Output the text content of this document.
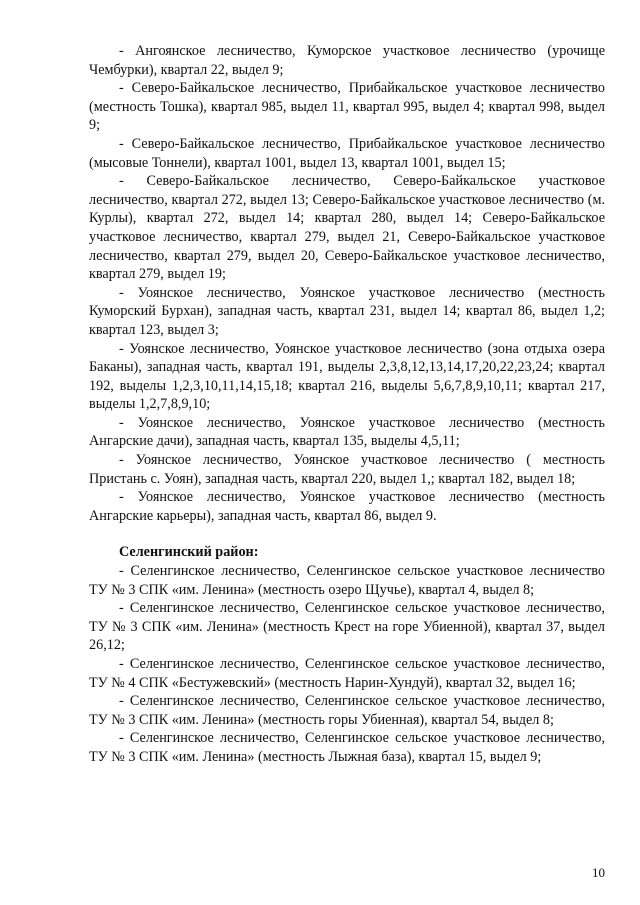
- Ангоянское лесничество, Куморское участковое лесничество (урочище Чембурки), квартал 22, выдел 9;

- Северо-Байкальское лесничество, Прибайкальское участковое лесничество (местность Тошка), квартал 985, выдел 11, квартал 995, выдел 4; квартал 998, выдел 9;

- Северо-Байкальское лесничество, Прибайкальское участковое лесничество (мысовые Тоннели), квартал 1001, выдел 13, квартал 1001, выдел 15;

- Северо-Байкальское лесничество, Северо-Байкальское участковое лесничество, квартал 272, выдел 13; Северо-Байкальское участковое лесничество (м. Курлы), квартал 272, выдел 14; квартал 280, выдел 14; Северо-Байкальское участковое лесничество, квартал 279, выдел 21, Северо-Байкальское участковое лесничество, квартал 279, выдел 20, Северо-Байкальское участковое лесничество, квартал 279, выдел 19;

- Уоянское лесничество, Уоянское участковое лесничество (местность Куморский Бурхан), западная часть, квартал 231, выдел 14; квартал 86, выдел 1,2; квартал 123, выдел 3;

- Уоянское лесничество, Уоянское участковое лесничество (зона отдыха озера Баканы), западная часть, квартал 191, выделы 2,3,8,12,13,14,17,20,22,23,24; квартал 192, выделы 1,2,3,10,11,14,15,18; квартал 216, выделы 5,6,7,8,9,10,11; квартал 217, выделы 1,2,7,8,9,10;

- Уоянское лесничество, Уоянское участковое лесничество (местность Ангарские дачи), западная часть, квартал 135, выделы 4,5,11;

- Уоянское лесничество, Уоянское участковое лесничество ( местность Пристань с. Уоян), западная часть, квартал 220, выдел 1,; квартал 182, выдел 18;

- Уоянское лесничество, Уоянское участковое лесничество (местность Ангарские карьеры), западная часть, квартал 86, выдел 9.

Селенгинский район:

- Селенгинское лесничество, Селенгинское сельское участковое лесничество ТУ № 3 СПК «им. Ленина» (местность озеро Щучье), квартал 4, выдел 8;

- Селенгинское лесничество, Селенгинское сельское участковое лесничество, ТУ № 3 СПК «им. Ленина» (местность Крест на горе Убиенной), квартал 37, выдел 26,12;

- Селенгинское лесничество, Селенгинское сельское участковое лесничество, ТУ № 4 СПК «Бестужевский» (местность Нарин-Хундуй), квартал 32, выдел 16;

- Селенгинское лесничество, Селенгинское сельское участковое лесничество, ТУ № 3 СПК «им. Ленина» (местность горы Убиенная), квартал 54, выдел 8;

- Селенгинское лесничество, Селенгинское сельское участковое лесничество, ТУ № 3 СПК «им. Ленина» (местность Лыжная база), квартал 15, выдел 9;

10
